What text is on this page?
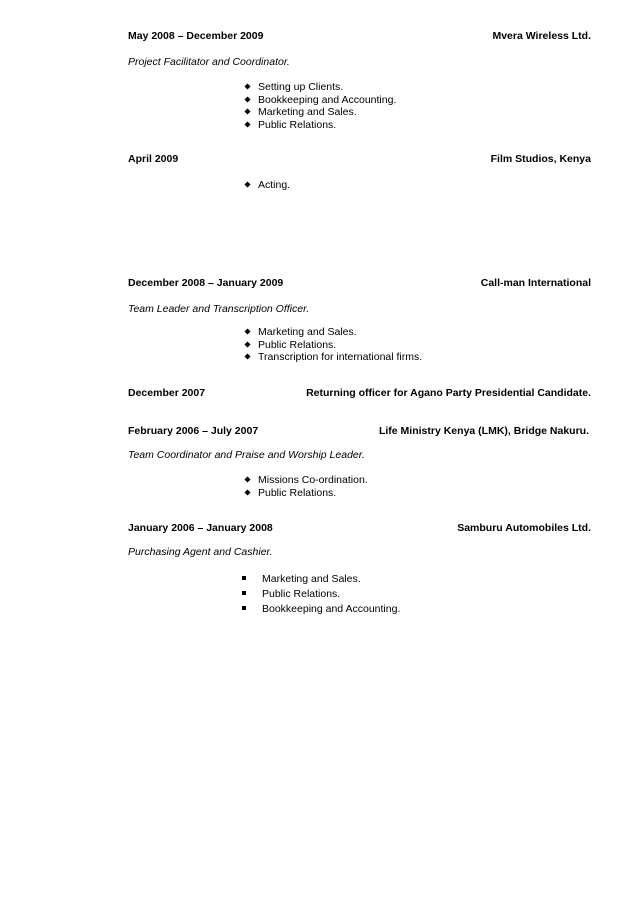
May 2008 – December 2009	Mvera Wireless Ltd.
Project Facilitator and Coordinator.
Setting up Clients.
Bookkeeping and Accounting.
Marketing and Sales.
Public Relations.
April 2009	Film Studios, Kenya
Acting.
December 2008 – January 2009	Call-man International
Team Leader and Transcription Officer.
Marketing and Sales.
Public Relations.
Transcription for international firms.
December 2007	Returning officer for Agano Party Presidential Candidate.
February 2006 – July 2007	Life Ministry Kenya (LMK), Bridge Nakuru.
Team Coordinator and Praise and Worship Leader.
Missions Co-ordination.
Public Relations.
January 2006 – January 2008	Samburu Automobiles Ltd.
Purchasing Agent and Cashier.
Marketing and Sales.
Public Relations.
Bookkeeping and Accounting.
